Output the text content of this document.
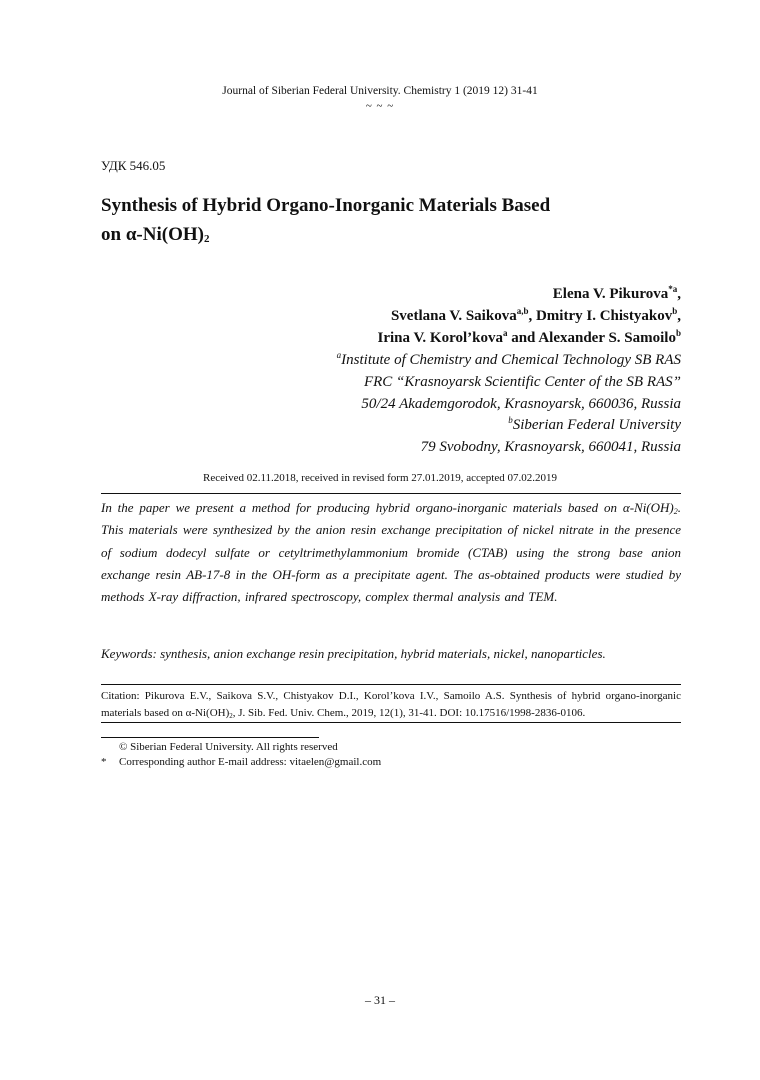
Journal of Siberian Federal University. Chemistry 1 (2019 12) 31-41
~ ~ ~
УДК 546.05
Synthesis of Hybrid Organo-Inorganic Materials Based
on $\alpha-Ni(OH)_2$
Elena V. Pikurova$^{*a}$,
Svetlana V. Saikova$^{a,b}$, Dmitry I. Chistyakov$^b$,
Irina V. Korol’kova$^a$ and Alexander S. Samoilo$^b$
$^a$Institute of Chemistry and Chemical Technology SB RAS
FRC “Krasnoyarsk Scientific Center of the SB RAS”
50/24 Akademgorodok, Krasnoyarsk, 660036, Russia
$^b$Siberian Federal University
79 Svobodny, Krasnoyarsk, 660041, Russia
Received 02.11.2018, received in revised form 27.01.2019, accepted 07.02.2019
In the paper we present a method for producing hybrid organo-inorganic materials based on $\alpha-Ni(OH)_2$. This materials were synthesized by the anion resin exchange precipitation of nickel nitrate in the presence of sodium dodecyl sulfate or cetyltrimethylammonium bromide (CTAB) using the strong base anion exchange resin AB-17-8 in the OH-form as a precipitate agent. The as-obtained products were studied by methods X-ray diffraction, infrared spectroscopy, complex thermal analysis and TEM.
Keywords: synthesis, anion exchange resin precipitation, hybrid materials, nickel, nanoparticles.
Citation: Pikurova E.V., Saikova S.V., Chistyakov D.I., Korol’kova I.V., Samoilo A.S. Synthesis of hybrid organo-inorganic materials based on $\alpha-Ni(OH)_2$, J. Sib. Fed. Univ. Chem., 2019, 12(1), 31-41. DOI: 10.17516/1998-2836-0106.
© Siberian Federal University. All rights reserved
* Corresponding author E-mail address: vitaelen@gmail.com
– 31 –
